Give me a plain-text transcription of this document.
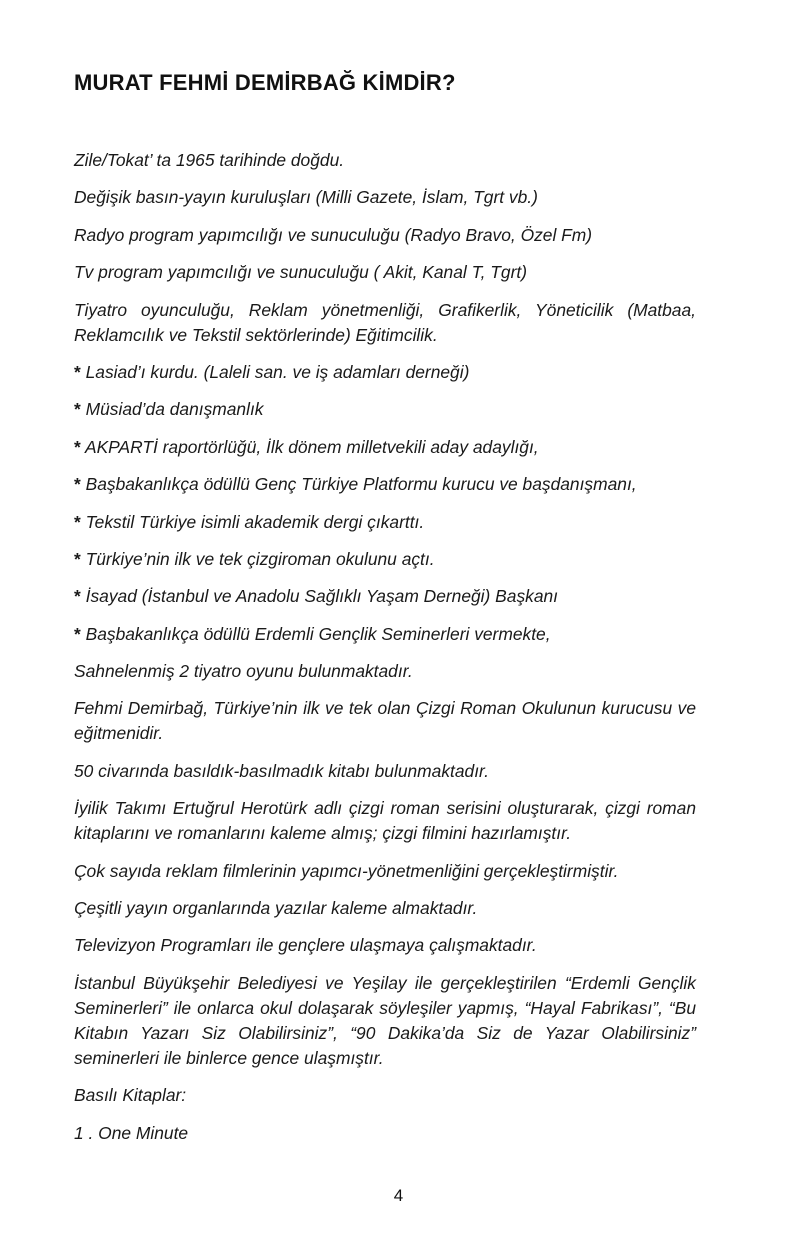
MURAT FEHMİ DEMİRBAĞ KİMDİR?

Zile/Tokat’ ta 1965 tarihinde doğdu.

Değişik basın-yayın kuruluşları (Milli Gazete, İslam, Tgrt vb.)

Radyo program yapımcılığı ve sunuculuğu (Radyo Bravo, Özel Fm)

Tv program yapımcılığı ve sunuculuğu ( Akit, Kanal T, Tgrt)

Tiyatro oyunculuğu, Reklam yönetmenliği, Grafikerlik, Yöneticilik (Matbaa, Reklamcılık ve Tekstil sektörlerinde) Eğitimcilik.

* Lasiad’ı kurdu. (Laleli san. ve iş adamları derneği)

* Müsiad’da danışmanlık

* AKPARTİ raportörlüğü, İlk dönem milletvekili aday adaylığı,

* Başbakanlıkça ödüllü Genç Türkiye Platformu kurucu ve başdanışmanı,

* Tekstil Türkiye isimli akademik dergi çıkarttı.

* Türkiye’nin ilk ve tek çizgiroman okulunu açtı.

* İsayad (İstanbul ve Anadolu Sağlıklı Yaşam Derneği) Başkanı

* Başbakanlıkça ödüllü Erdemli Gençlik Seminerleri vermekte,

Sahnelenmiş 2 tiyatro oyunu bulunmaktadır.

Fehmi Demirbağ, Türkiye’nin ilk ve tek olan Çizgi Roman Okulunun kurucusu ve eğitmenidir.

50 civarında basıldık-basılmadık kitabı bulunmaktadır.

İyilik Takımı Ertuğrul Herotürk adlı çizgi roman serisini oluşturarak, çizgi roman kitaplarını ve romanlarını kaleme almış; çizgi filmini hazırlamıştır.

Çok sayıda reklam filmlerinin yapımcı-yönetmenliğini gerçekleştirmiştir.

Çeşitli yayın organlarında yazılar kaleme almaktadır.

Televizyon Programları ile gençlere ulaşmaya çalışmaktadır.

İstanbul Büyükşehir Belediyesi ve Yeşilay ile gerçekleştirilen “Erdemli Gençlik Seminerleri” ile onlarca okul dolaşarak söyleşiler yapmış, “Hayal Fabrikası”, “Bu Kitabın Yazarı Siz Olabilirsiniz”, “90 Dakika’da Siz de Yazar Olabilirsiniz” seminerleri ile binlerce gence ulaşmıştır.

Basılı Kitaplar:

1 . One Minute

4
